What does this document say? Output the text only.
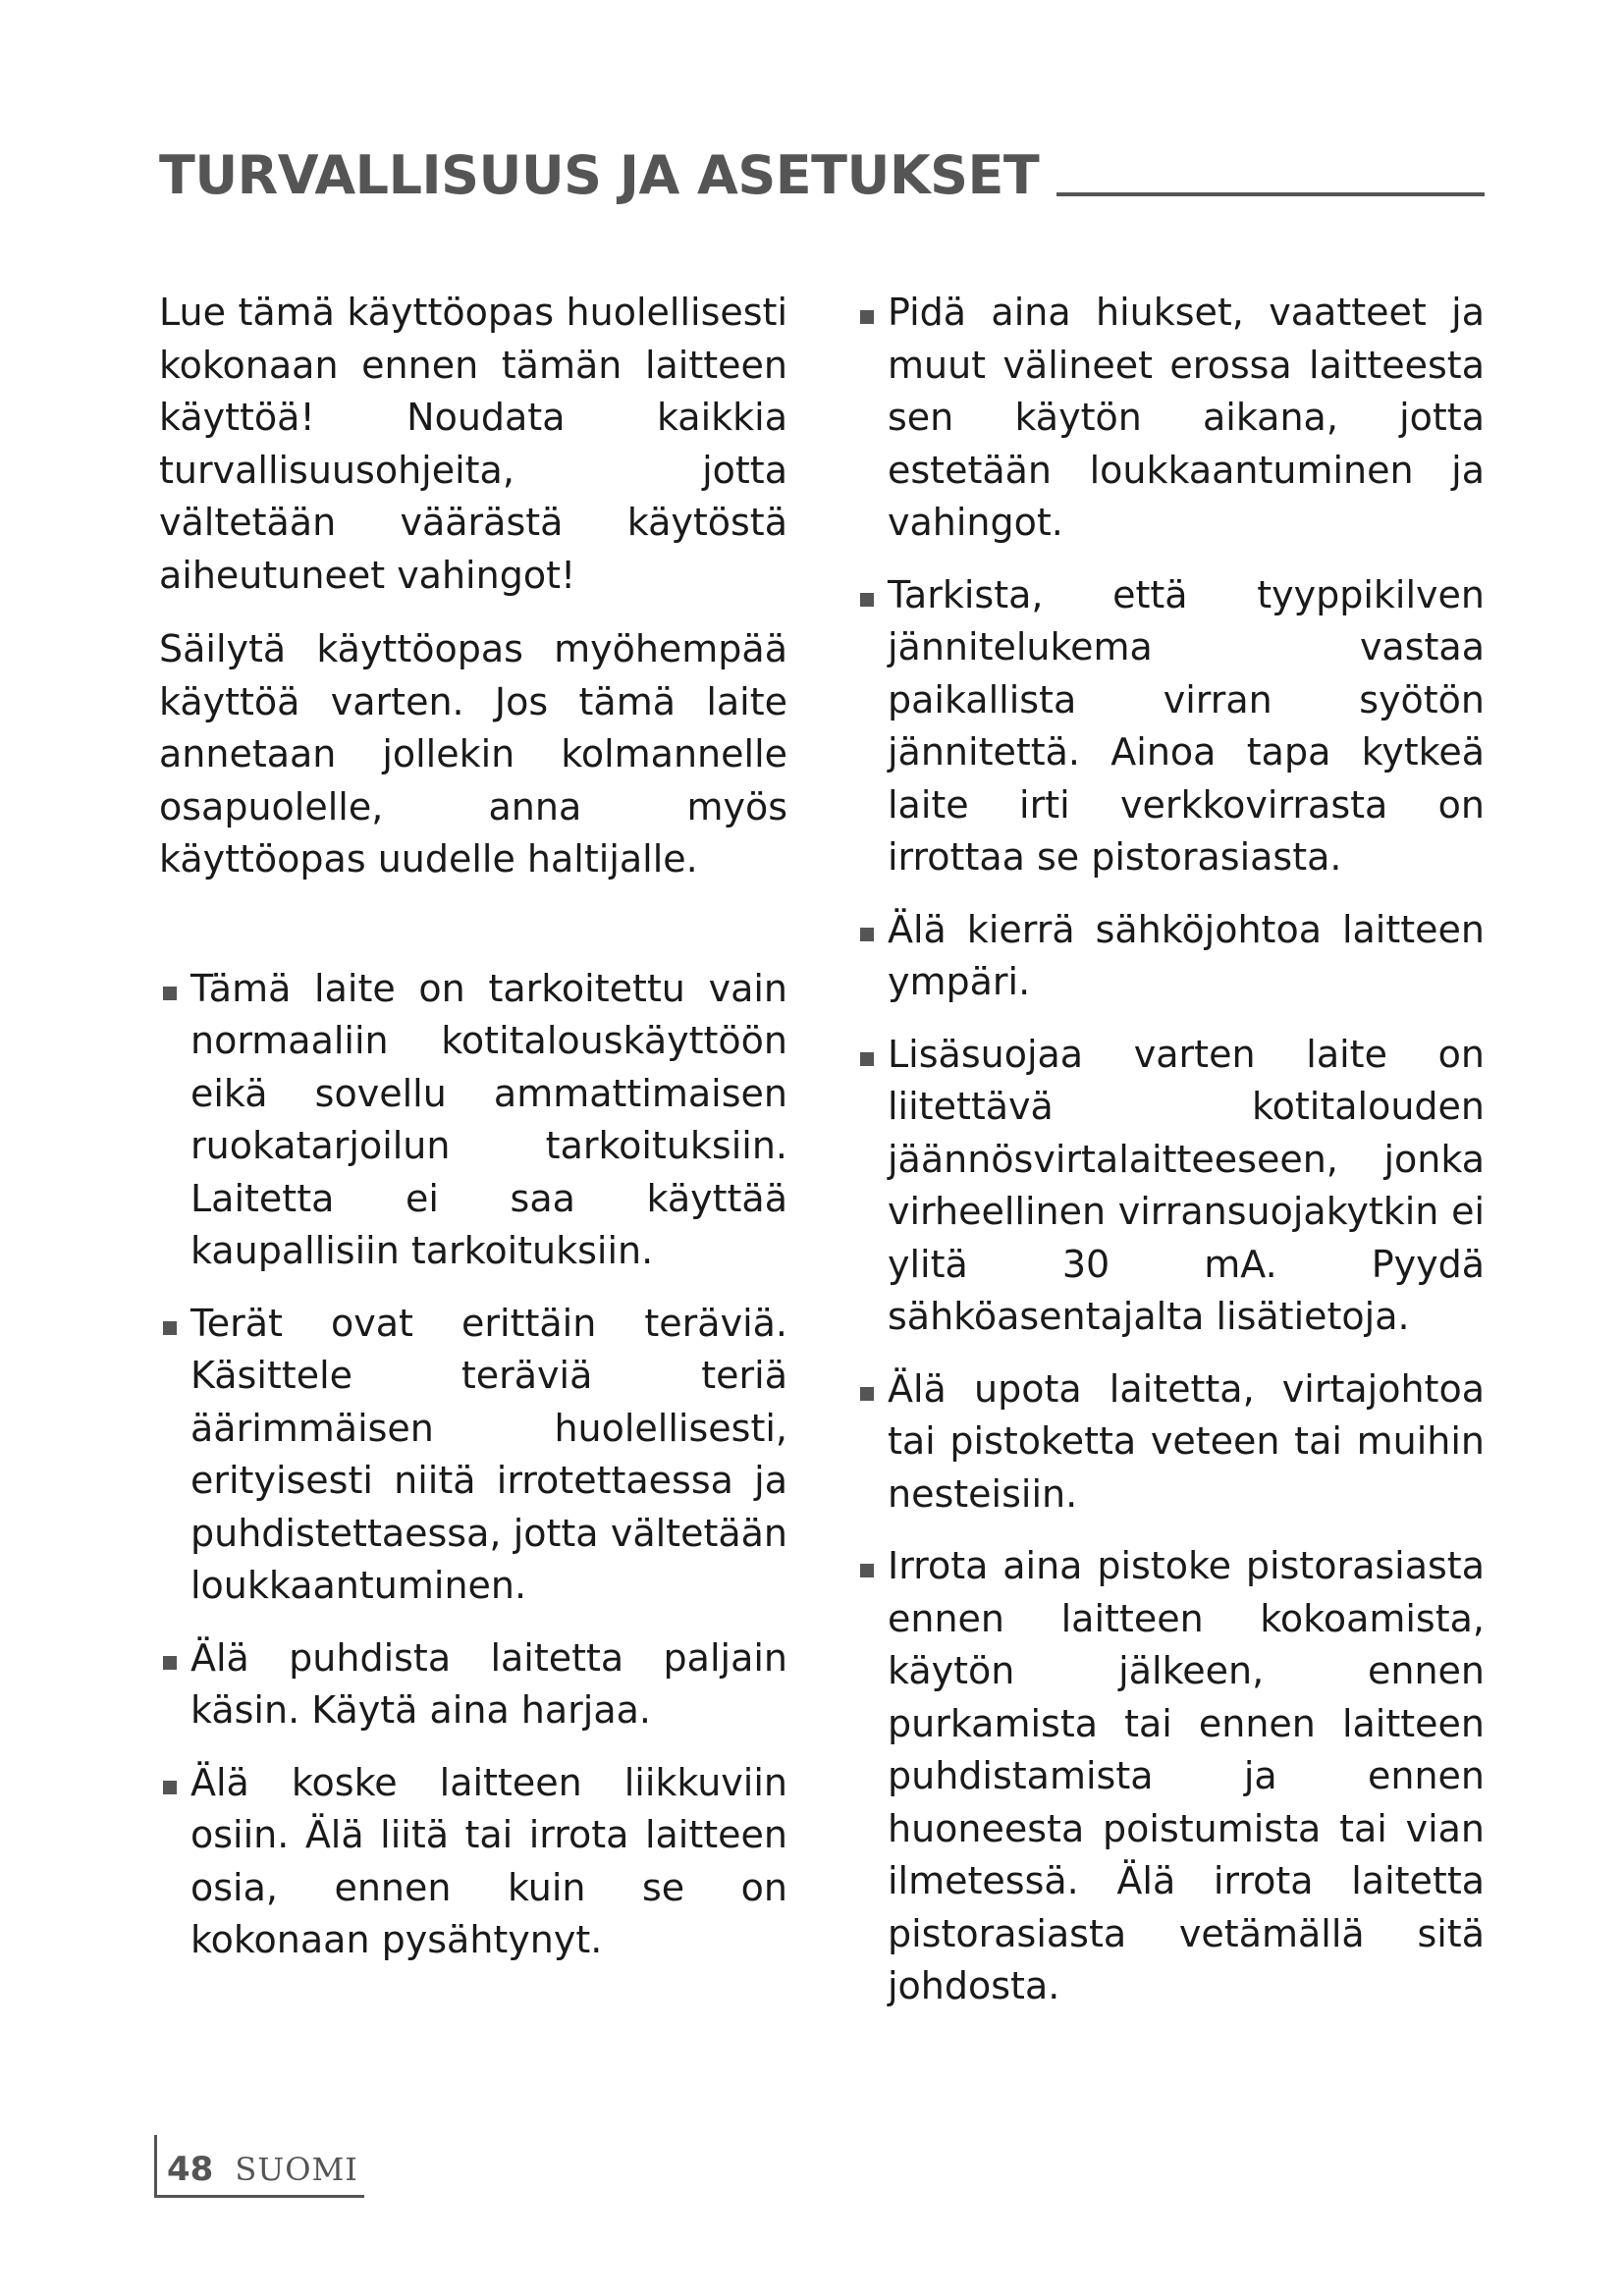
TURVALLISUUS JA ASETUKSET

Lue tämä käyttöopas huolellisesti kokonaan ennen tämän laitteen käyttöä! Noudata kaikkia turvallisuusohjeita, jotta vältetään väärästä käytöstä aiheutuneet vahingot!

Säilytä käyttöopas myöhempää käyttöä varten. Jos tämä laite annetaan jollekin kolmannelle osapuolelle, anna myös käyttöopas uudelle haltijalle.

Tämä laite on tarkoitettu vain normaaliin kotitalouskäyttöön eikä sovellu ammattimaisen ruokatarjoilun tarkoituksiin. Laitetta ei saa käyttää kaupallisiin tarkoituksiin.
Terät ovat erittäin teräviä. Käsittele teräviä teriä äärimmäisen huolellisesti, erityisesti niitä irrotettaessa ja puhdistettaessa, jotta vältetään loukkaantuminen.
Älä puhdista laitetta paljain käsin. Käytä aina harjaa.
Älä koske laitteen liikkuviin osiin. Älä liitä tai irrota laitteen osia, ennen kuin se on kokonaan pysähtynyt.
Pidä aina hiukset, vaatteet ja muut välineet erossa laitteesta sen käytön aikana, jotta estetään loukkaantuminen ja vahingot.
Tarkista, että tyyppikilven jännitelukema vastaa paikallista virran syötön jännitettä. Ainoa tapa kytkeä laite irti verkkovirrasta on irrottaa se pistorasiasta.
Älä kierrä sähköjohtoa laitteen ympäri.
Lisäsuojaa varten laite on liitettävä kotitalouden jäännösvirtalaitteeseen, jonka virheellinen virransuojakytkin ei ylitä 30 mA. Pyydä sähköasentajalta lisätietoja.
Älä upota laitetta, virtajohtoa tai pistoketta veteen tai muihin nesteisiin.
Irrota aina pistoke pistorasiasta ennen laitteen kokoamista, käytön jälkeen, ennen purkamista tai ennen laitteen puhdistamista ja ennen huoneesta poistumista tai vian ilmetessä. Älä irrota laitetta pistorasiasta vetämällä sitä johdosta.
48 SUOMI
